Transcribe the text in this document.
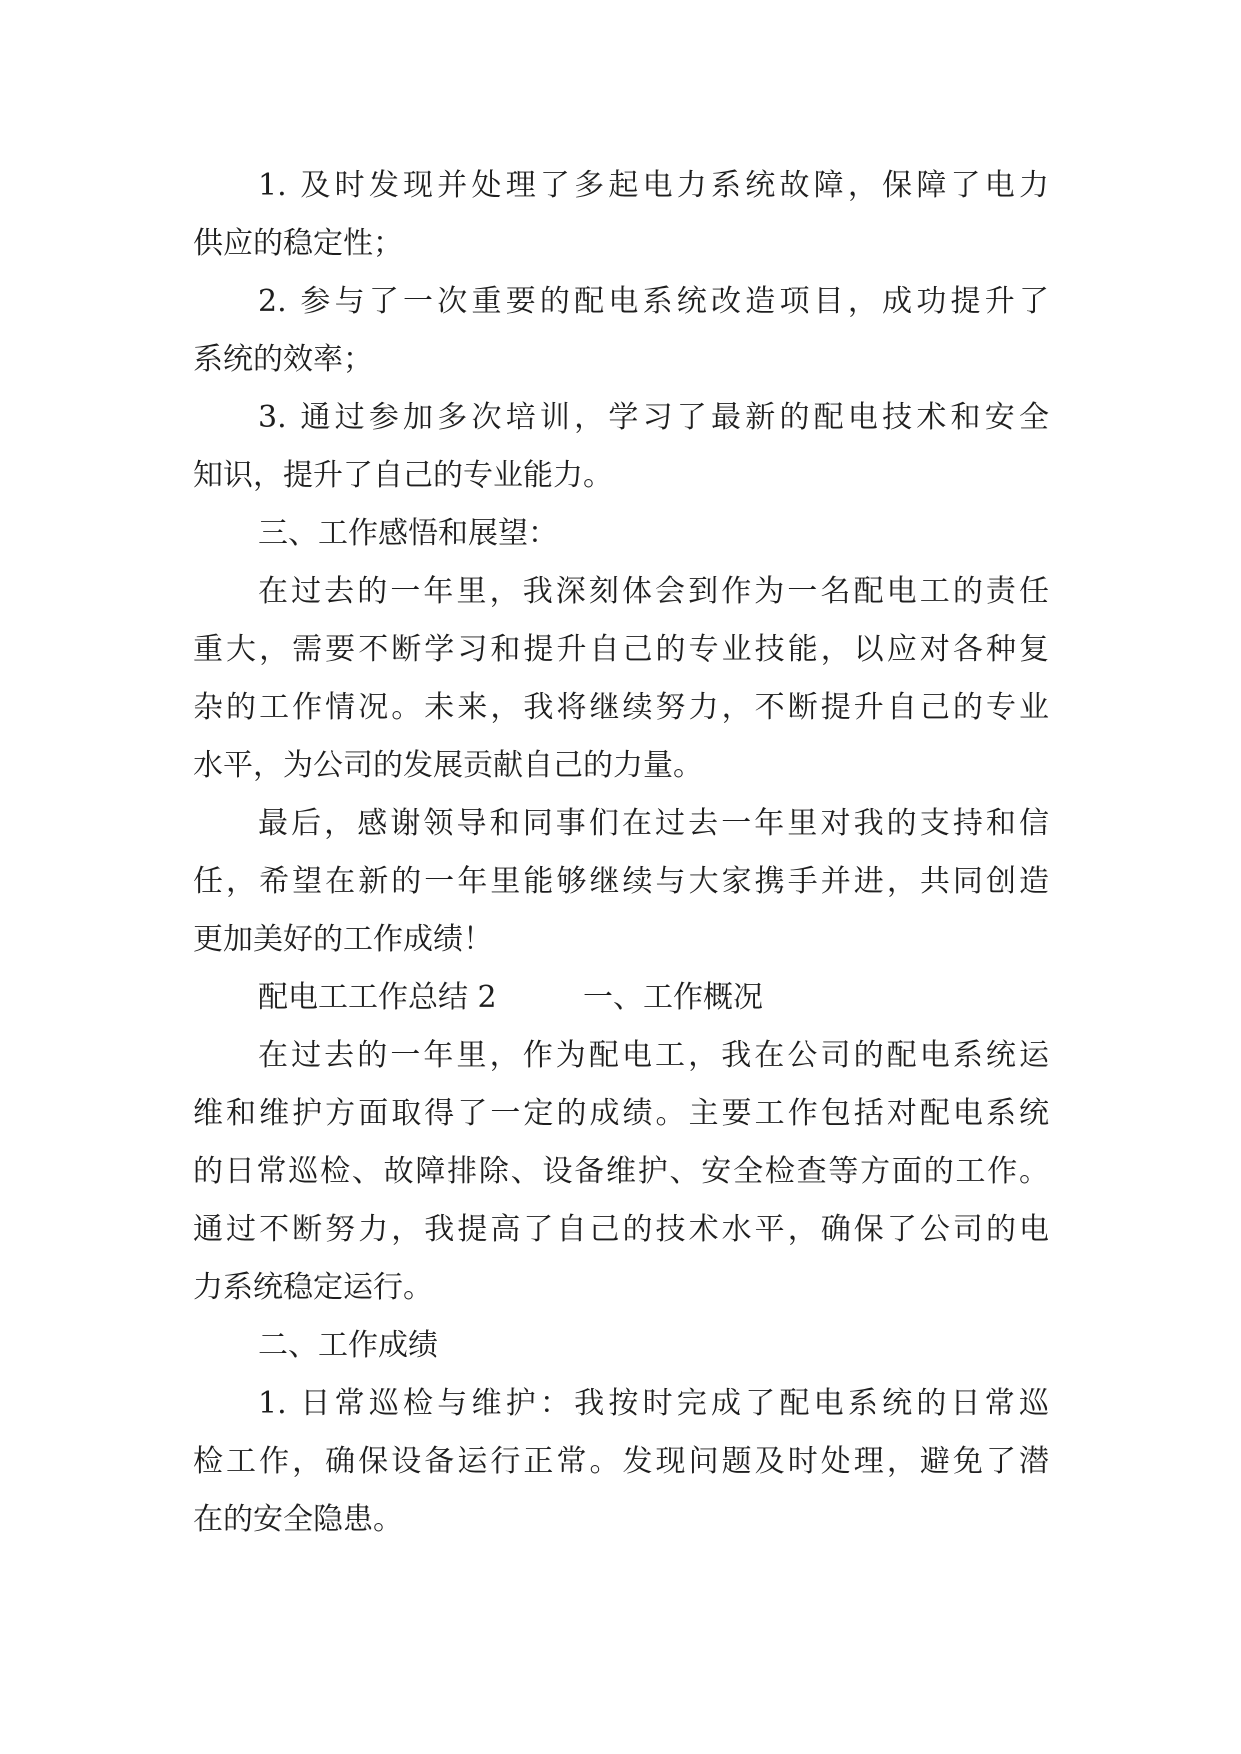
1. 及时发现并处理了多起电力系统故障，保障了电力
供应的稳定性；
2. 参与了一次重要的配电系统改造项目，成功提升了
系统的效率；
3. 通过参加多次培训，学习了最新的配电技术和安全
知识，提升了自己的专业能力。
三、工作感悟和展望：
在过去的一年里，我深刻体会到作为一名配电工的责任
重大，需要不断学习和提升自己的专业技能，以应对各种复
杂的工作情况。未来，我将继续努力，不断提升自己的专业
水平，为公司的发展贡献自己的力量。
最后，感谢领导和同事们在过去一年里对我的支持和信
任，希望在新的一年里能够继续与大家携手并进，共同创造
更加美好的工作成绩！
配电工工作总结 2	一、工作概况
在过去的一年里，作为配电工，我在公司的配电系统运
维和维护方面取得了一定的成绩。主要工作包括对配电系统
的日常巡检、故障排除、设备维护、安全检查等方面的工作。
通过不断努力，我提高了自己的技术水平，确保了公司的电
力系统稳定运行。
二、工作成绩
1. 日常巡检与维护：我按时完成了配电系统的日常巡
检工作，确保设备运行正常。发现问题及时处理，避免了潜
在的安全隐患。
